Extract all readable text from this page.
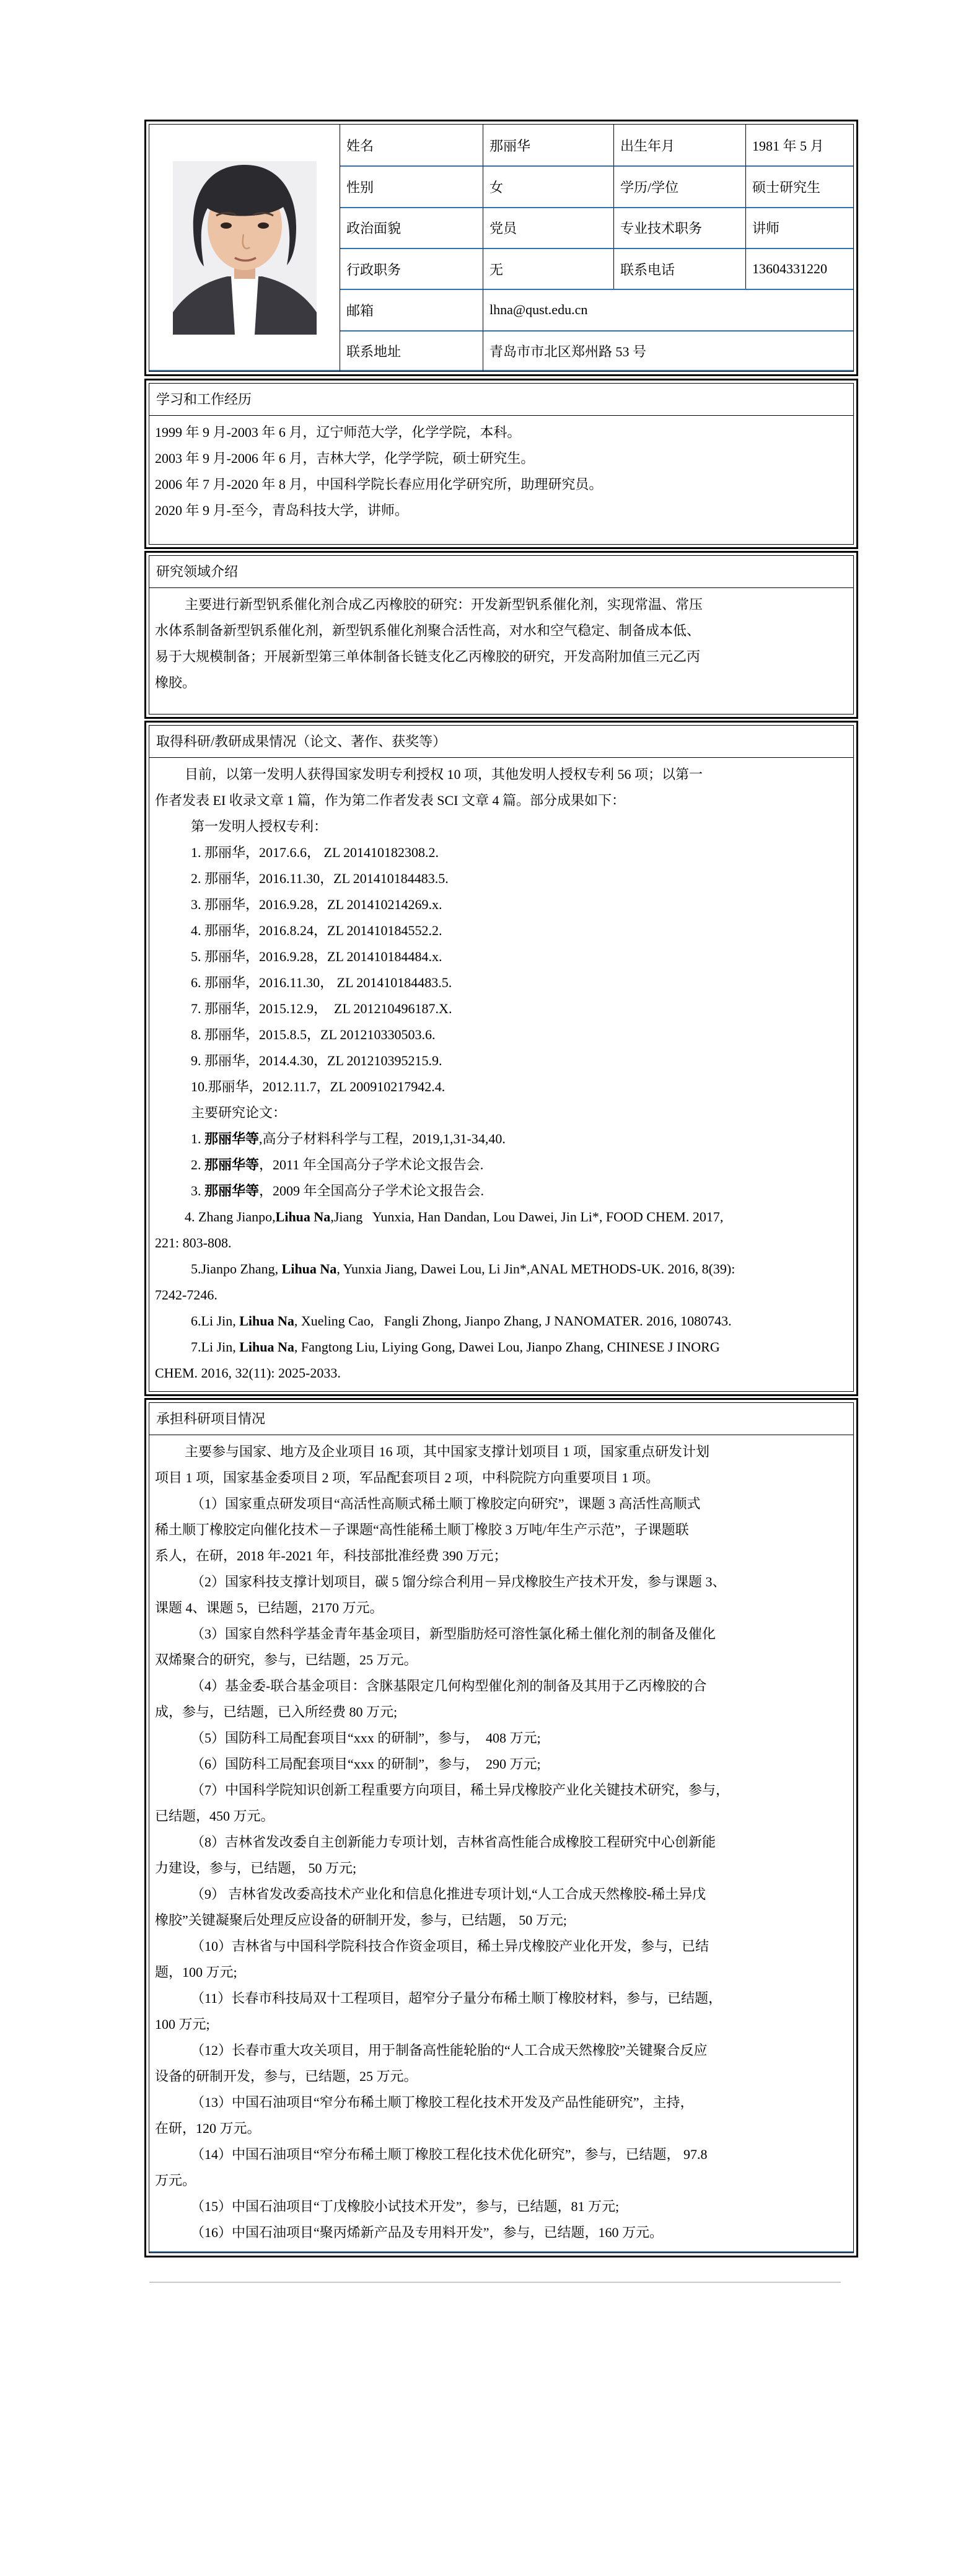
姓名	那丽华	出生年月	1981 年 5 月
性别	女	学历/学位	硕士研究生
政治面貌	党员	专业技术职务	讲师
行政职务	无	联系电话	13604331220
邮箱	lhna@qust.edu.cn
联系地址	青岛市市北区郑州路 53 号
学习和工作经历
1999 年 9 月-2003 年 6 月，辽宁师范大学，化学学院，本科。
2003 年 9 月-2006 年 6 月，吉林大学，化学学院，硕士研究生。
2006 年 7 月-2020 年 8 月，中国科学院长春应用化学研究所，助理研究员。
2020 年 9 月-至今，青岛科技大学，讲师。
研究领域介绍
主要进行新型钒系催化剂合成乙丙橡胶的研究：开发新型钒系催化剂，实现常温、常压
水体系制备新型钒系催化剂，新型钒系催化剂聚合活性高，对水和空气稳定、制备成本低、
易于大规模制备；开展新型第三单体制备长链支化乙丙橡胶的研究，开发高附加值三元乙丙
橡胶。
取得科研/教研成果情况（论文、著作、获奖等）
目前，以第一发明人获得国家发明专利授权 10 项，其他发明人授权专利 56 项；以第一
作者发表 EI 收录文章 1 篇，作为第二作者发表 SCI 文章 4 篇。部分成果如下：
第一发明人授权专利：
1. 那丽华，2017.6.6， ZL 201410182308.2.
2. 那丽华，2016.11.30，ZL 201410184483.5.
3. 那丽华，2016.9.28，ZL 201410214269.x.
4. 那丽华，2016.8.24，ZL 201410184552.2.
5. 那丽华，2016.9.28，ZL 201410184484.x.
6. 那丽华，2016.11.30， ZL 201410184483.5.
7. 那丽华，2015.12.9，  ZL 201210496187.X.
8. 那丽华，2015.8.5，ZL 201210330503.6.
9. 那丽华，2014.4.30，ZL 201210395215.9.
10.那丽华，2012.11.7，ZL 200910217942.4.
主要研究论文：
1. 那丽华等,高分子材料科学与工程，2019,1,31-34,40.
2. 那丽华等，2011 年全国高分子学术论文报告会.
3. 那丽华等，2009 年全国高分子学术论文报告会.
4. Zhang Jianpo,Lihua Na,Jiang   Yunxia, Han Dandan, Lou Dawei, Jin Li*, FOOD CHEM. 2017,
221: 803-808.
5.Jianpo Zhang, Lihua Na, Yunxia Jiang, Dawei Lou, Li Jin*,ANAL METHODS-UK. 2016, 8(39):
7242-7246.
6.Li Jin, Lihua Na, Xueling Cao,   Fangli Zhong, Jianpo Zhang, J NANOMATER. 2016, 1080743.
7.Li Jin, Lihua Na, Fangtong Liu, Liying Gong, Dawei Lou, Jianpo Zhang, CHINESE J INORG
CHEM. 2016, 32(11): 2025-2033.
承担科研项目情况
主要参与国家、地方及企业项目 16 项，其中国家支撑计划项目 1 项，国家重点研发计划
项目 1 项，国家基金委项目 2 项，军品配套项目 2 项，中科院院方向重要项目 1 项。
（1）国家重点研发项目“高活性高顺式稀土顺丁橡胶定向研究”，课题 3 高活性高顺式
稀土顺丁橡胶定向催化技术－子课题“高性能稀土顺丁橡胶 3 万吨/年生产示范”，子课题联
系人，在研，2018 年-2021 年，科技部批准经费 390 万元；
（2）国家科技支撑计划项目，碳 5 馏分综合利用－异戊橡胶生产技术开发，参与课题 3、
课题 4、课题 5，已结题，2170 万元。
（3）国家自然科学基金青年基金项目，新型脂肪烃可溶性氯化稀土催化剂的制备及催化
双烯聚合的研究，参与，已结题，25 万元。
（4）基金委-联合基金项目：含脒基限定几何构型催化剂的制备及其用于乙丙橡胶的合
成，参与，已结题，已入所经费 80 万元;
（5）国防科工局配套项目“xxx 的研制”，参与，  408 万元;
（6）国防科工局配套项目“xxx 的研制”，参与，  290 万元;
（7）中国科学院知识创新工程重要方向项目，稀土异戊橡胶产业化关键技术研究，参与，
已结题，450 万元。
（8）吉林省发改委自主创新能力专项计划，吉林省高性能合成橡胶工程研究中心创新能
力建设，参与，已结题， 50 万元;
（9） 吉林省发改委高技术产业化和信息化推进专项计划,“人工合成天然橡胶-稀土异戊
橡胶”关键凝聚后处理反应设备的研制开发，参与，已结题， 50 万元;
（10）吉林省与中国科学院科技合作资金项目，稀土异戊橡胶产业化开发，参与，已结
题，100 万元;
（11）长春市科技局双十工程项目，超窄分子量分布稀土顺丁橡胶材料，参与，已结题，
100 万元;
（12）长春市重大攻关项目，用于制备高性能轮胎的“人工合成天然橡胶”关键聚合反应
设备的研制开发，参与，已结题，25 万元。
（13）中国石油项目“窄分布稀土顺丁橡胶工程化技术开发及产品性能研究”，主持，
在研，120 万元。
（14）中国石油项目“窄分布稀土顺丁橡胶工程化技术优化研究”，参与，已结题， 97.8
万元。
（15）中国石油项目“丁戊橡胶小试技术开发”，参与，已结题，81 万元;
（16）中国石油项目“聚丙烯新产品及专用料开发”，参与，已结题，160 万元。
